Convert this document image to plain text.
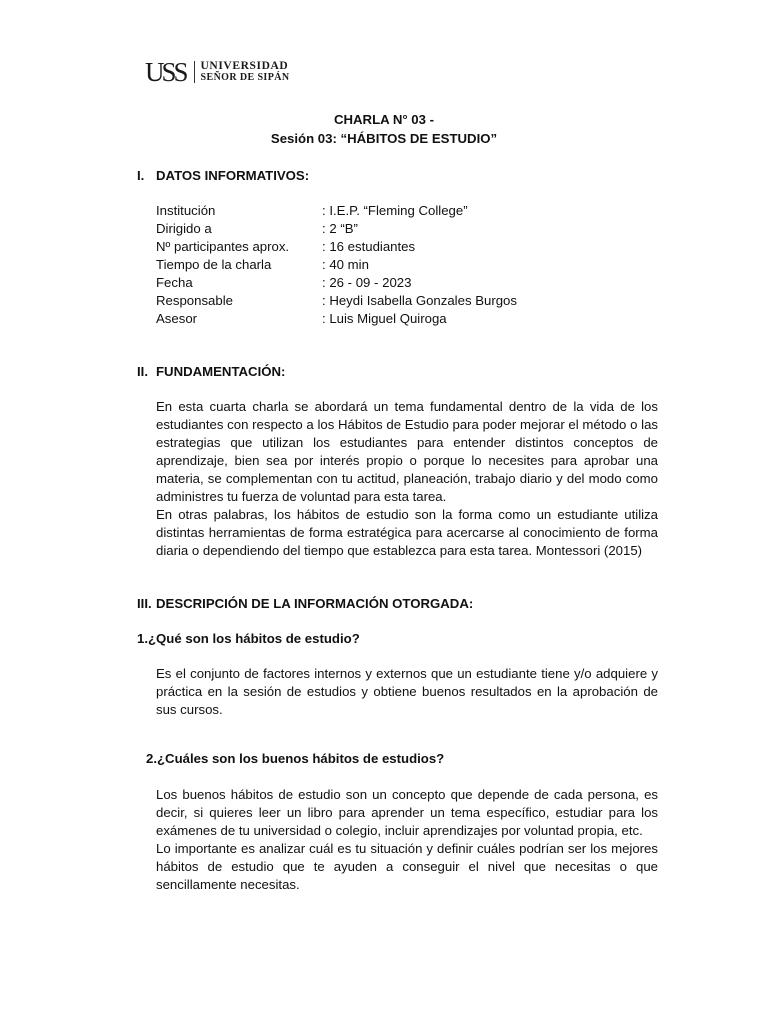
USS UNIVERSIDAD
SEÑOR DE SIPÁN
CHARLA N° 03 -
Sesión 03: “HÁBITOS DE ESTUDIO”
I. DATOS INFORMATIVOS:
Institución	: I.E.P. “Fleming College”
Dirigido a	: 2 “B”
Nº participantes aprox.	: 16 estudiantes
Tiempo de la charla	: 40 min
Fecha	: 26 - 09 - 2023
Responsable	: Heydi Isabella Gonzales Burgos
Asesor	: Luis Miguel Quiroga
II. FUNDAMENTACIÓN:

En esta cuarta charla se abordará un tema fundamental dentro de la vida de los estudiantes con respecto a los Hábitos de Estudio para poder mejorar el método o las estrategias que utilizan los estudiantes para entender distintos conceptos de aprendizaje, bien sea por interés propio o porque lo necesites para aprobar una materia, se complementan con tu actitud, planeación, trabajo diario y del modo como administres tu fuerza de voluntad para esta tarea.

En otras palabras, los hábitos de estudio son la forma como un estudiante utiliza distintas herramientas de forma estratégica para acercarse al conocimiento de forma diaria o dependiendo del tiempo que establezca para esta tarea. Montessori (2015)

III. DESCRIPCIÓN DE LA INFORMACIÓN OTORGADA:
1.¿Qué son los hábitos de estudio?

Es el conjunto de factores internos y externos que un estudiante tiene y/o adquiere y práctica en la sesión de estudios y obtiene buenos resultados en la aprobación de sus cursos.

2.¿Cuáles son los buenos hábitos de estudios?

Los buenos hábitos de estudio son un concepto que depende de cada persona, es decir, si quieres leer un libro para aprender un tema específico, estudiar para los exámenes de tu universidad o colegio, incluir aprendizajes por voluntad propia, etc.

Lo importante es analizar cuál es tu situación y definir cuáles podrían ser los mejores hábitos de estudio que te ayuden a conseguir el nivel que necesitas o que sencillamente necesitas.
